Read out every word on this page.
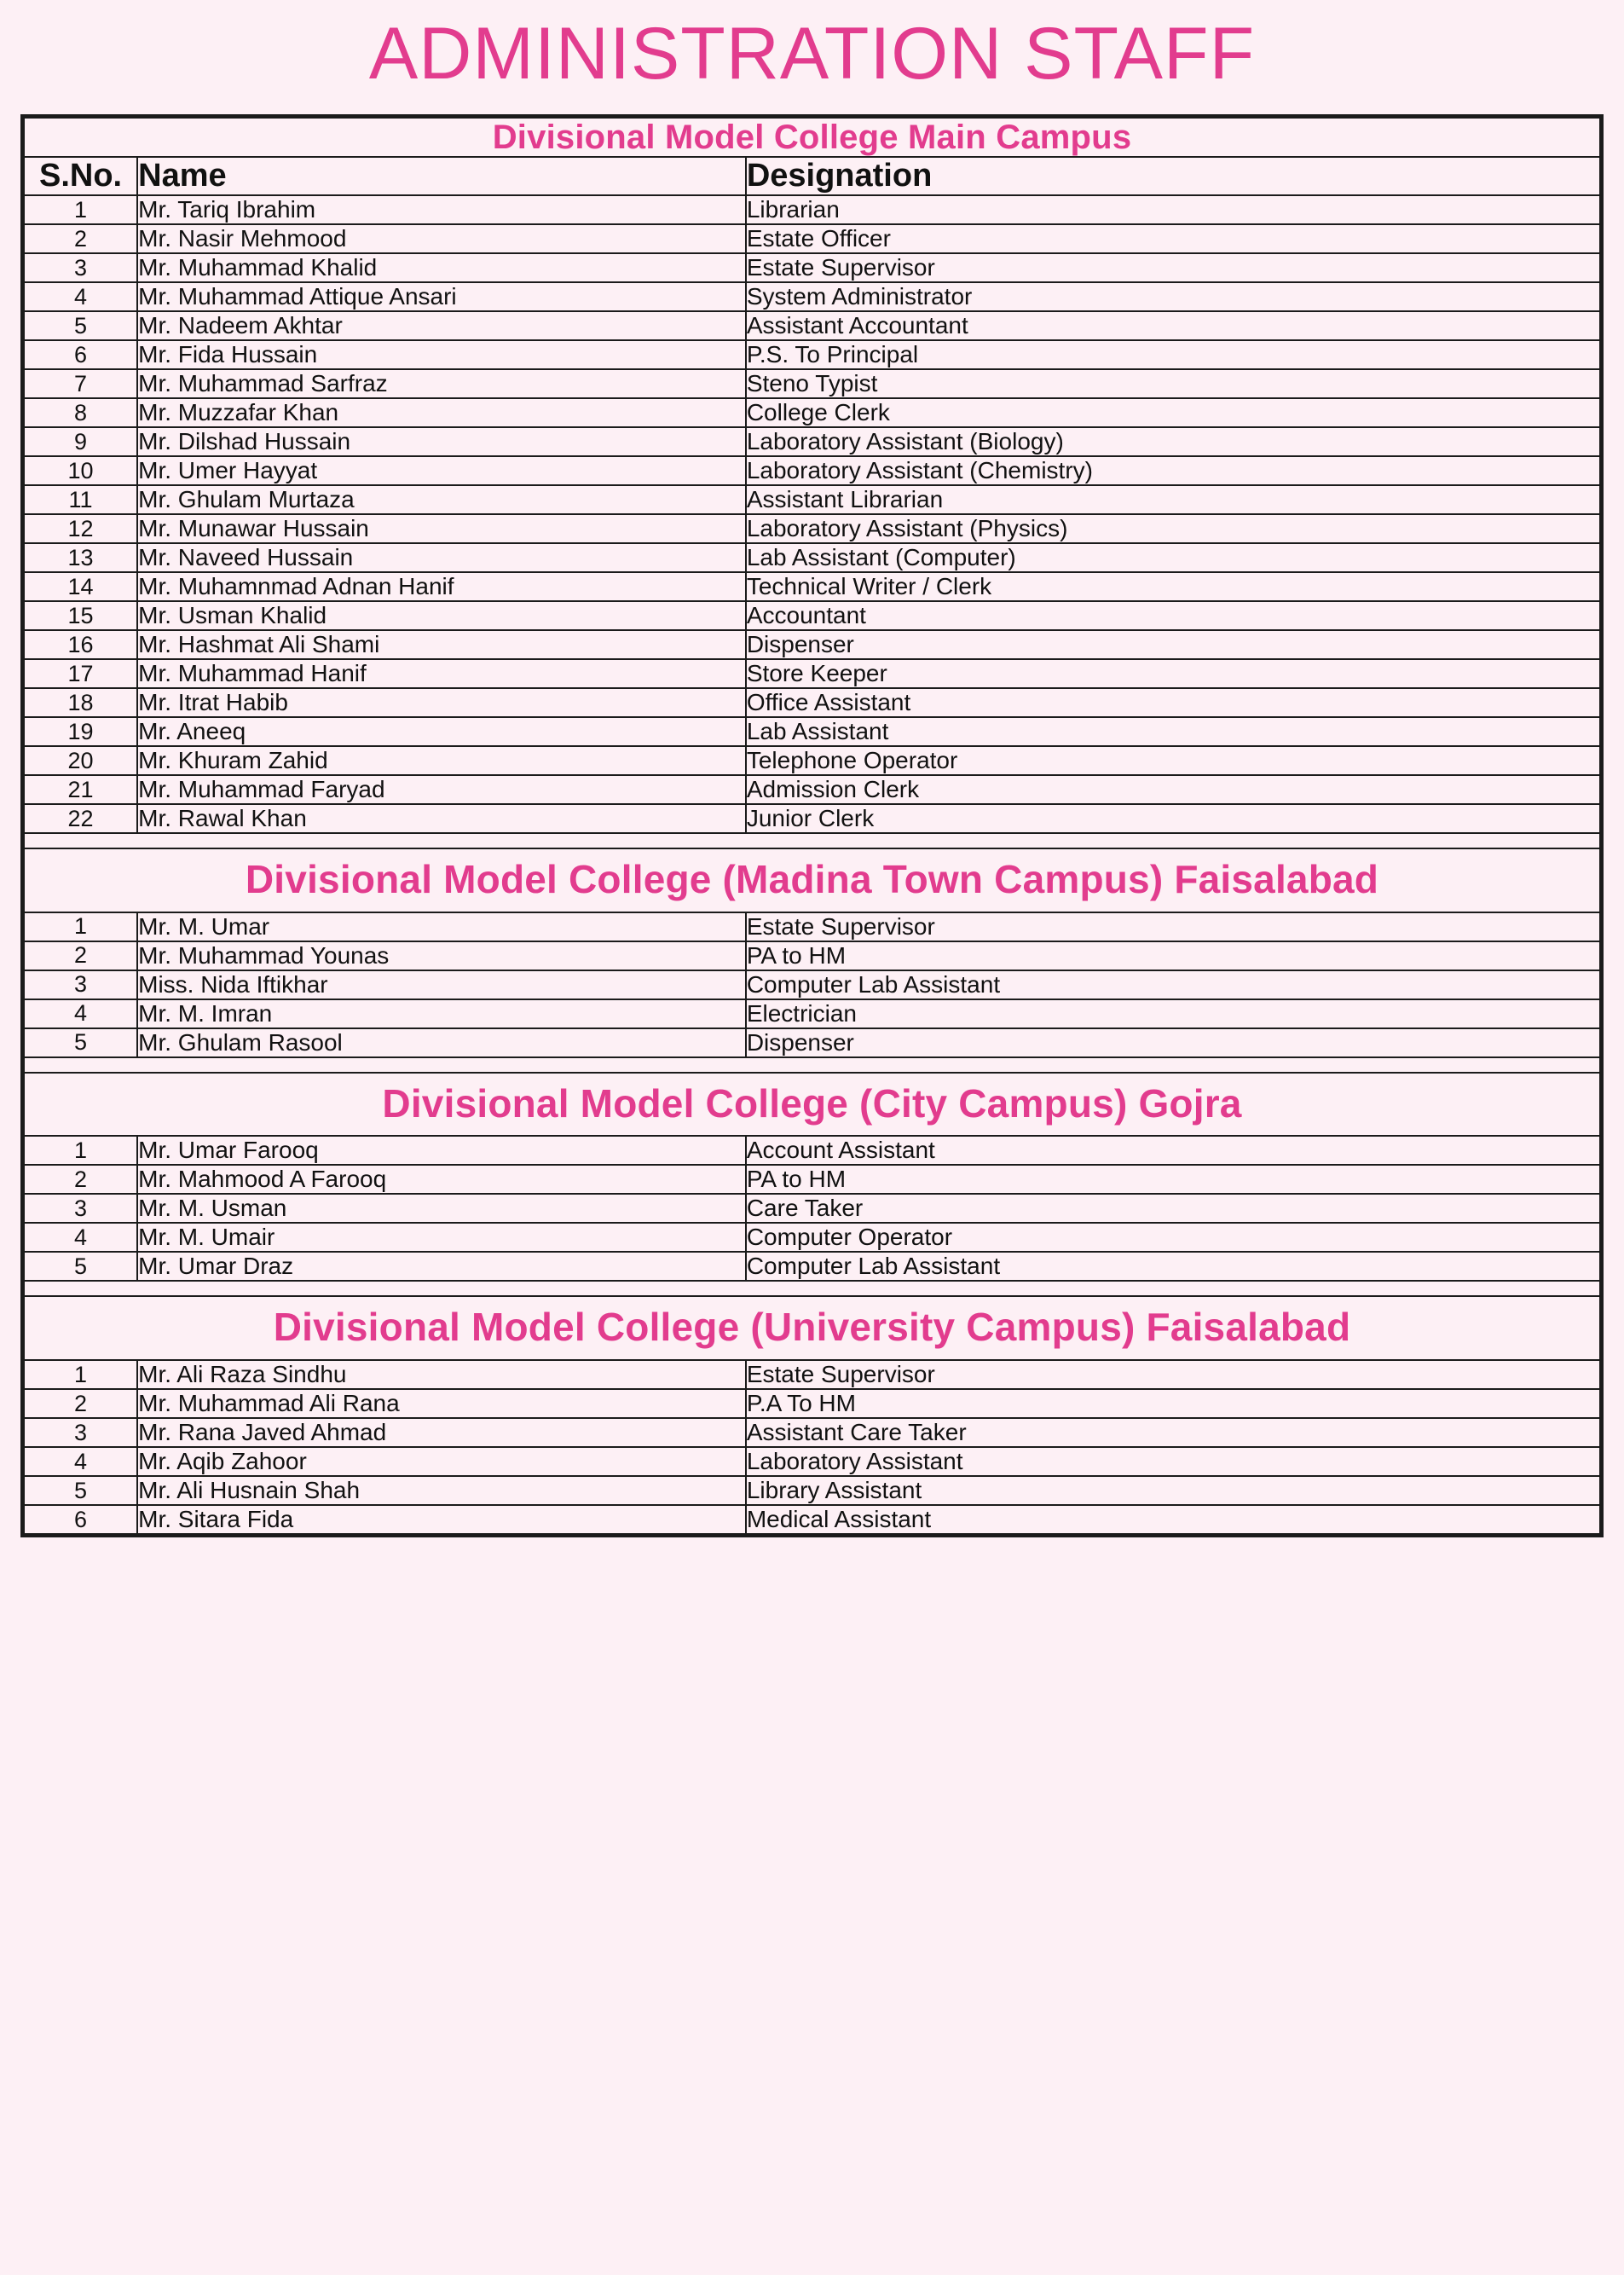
ADMINISTRATION STAFF
Divisional Model College Main Campus		
S.No.	Name	Designation
1	Mr. Tariq Ibrahim	Librarian
2	Mr. Nasir Mehmood	Estate Officer
3	Mr. Muhammad Khalid	Estate Supervisor
4	Mr. Muhammad Attique Ansari	System Administrator
5	Mr. Nadeem Akhtar	Assistant Accountant
6	Mr. Fida Hussain	P.S. To Principal
7	Mr. Muhammad Sarfraz	Steno Typist
8	Mr. Muzzafar Khan	College Clerk
9	Mr. Dilshad Hussain	Laboratory Assistant (Biology)
10	Mr. Umer Hayyat	Laboratory Assistant (Chemistry)
11	Mr. Ghulam Murtaza	Assistant Librarian
12	Mr. Munawar Hussain	Laboratory Assistant (Physics)
13	Mr. Naveed Hussain	Lab Assistant (Computer)
14	Mr. Muhamnmad Adnan Hanif	Technical Writer / Clerk
15	Mr. Usman Khalid	Accountant
16	Mr. Hashmat Ali Shami	Dispenser
17	Mr. Muhammad Hanif	Store Keeper
18	Mr. Itrat Habib	Office Assistant
19	Mr. Aneeq	Lab Assistant
20	Mr. Khuram Zahid	Telephone Operator
21	Mr. Muhammad Faryad	Admission Clerk
22	Mr. Rawal Khan	Junior Clerk

Divisional Model College (Madina Town Campus) Faisalabad		
1	Mr. M. Umar	Estate Supervisor
2	Mr. Muhammad Younas	PA to HM
3	Miss. Nida Iftikhar	Computer Lab Assistant
4	Mr. M. Imran	Electrician
5	Mr. Ghulam Rasool	Dispenser

Divisional Model College (City Campus) Gojra		
1	Mr. Umar Farooq	Account Assistant
2	Mr. Mahmood A Farooq	PA to HM
3	Mr. M. Usman	Care Taker
4	Mr. M. Umair	Computer Operator
5	Mr. Umar Draz	Computer Lab Assistant

Divisional Model College (University Campus) Faisalabad		
1	Mr. Ali Raza Sindhu	Estate Supervisor
2	Mr. Muhammad Ali Rana	P.A To HM
3	Mr. Rana Javed Ahmad	Assistant Care Taker
4	Mr. Aqib Zahoor	Laboratory Assistant
5	Mr. Ali Husnain Shah	Library Assistant
6	Mr. Sitara Fida	Medical Assistant
